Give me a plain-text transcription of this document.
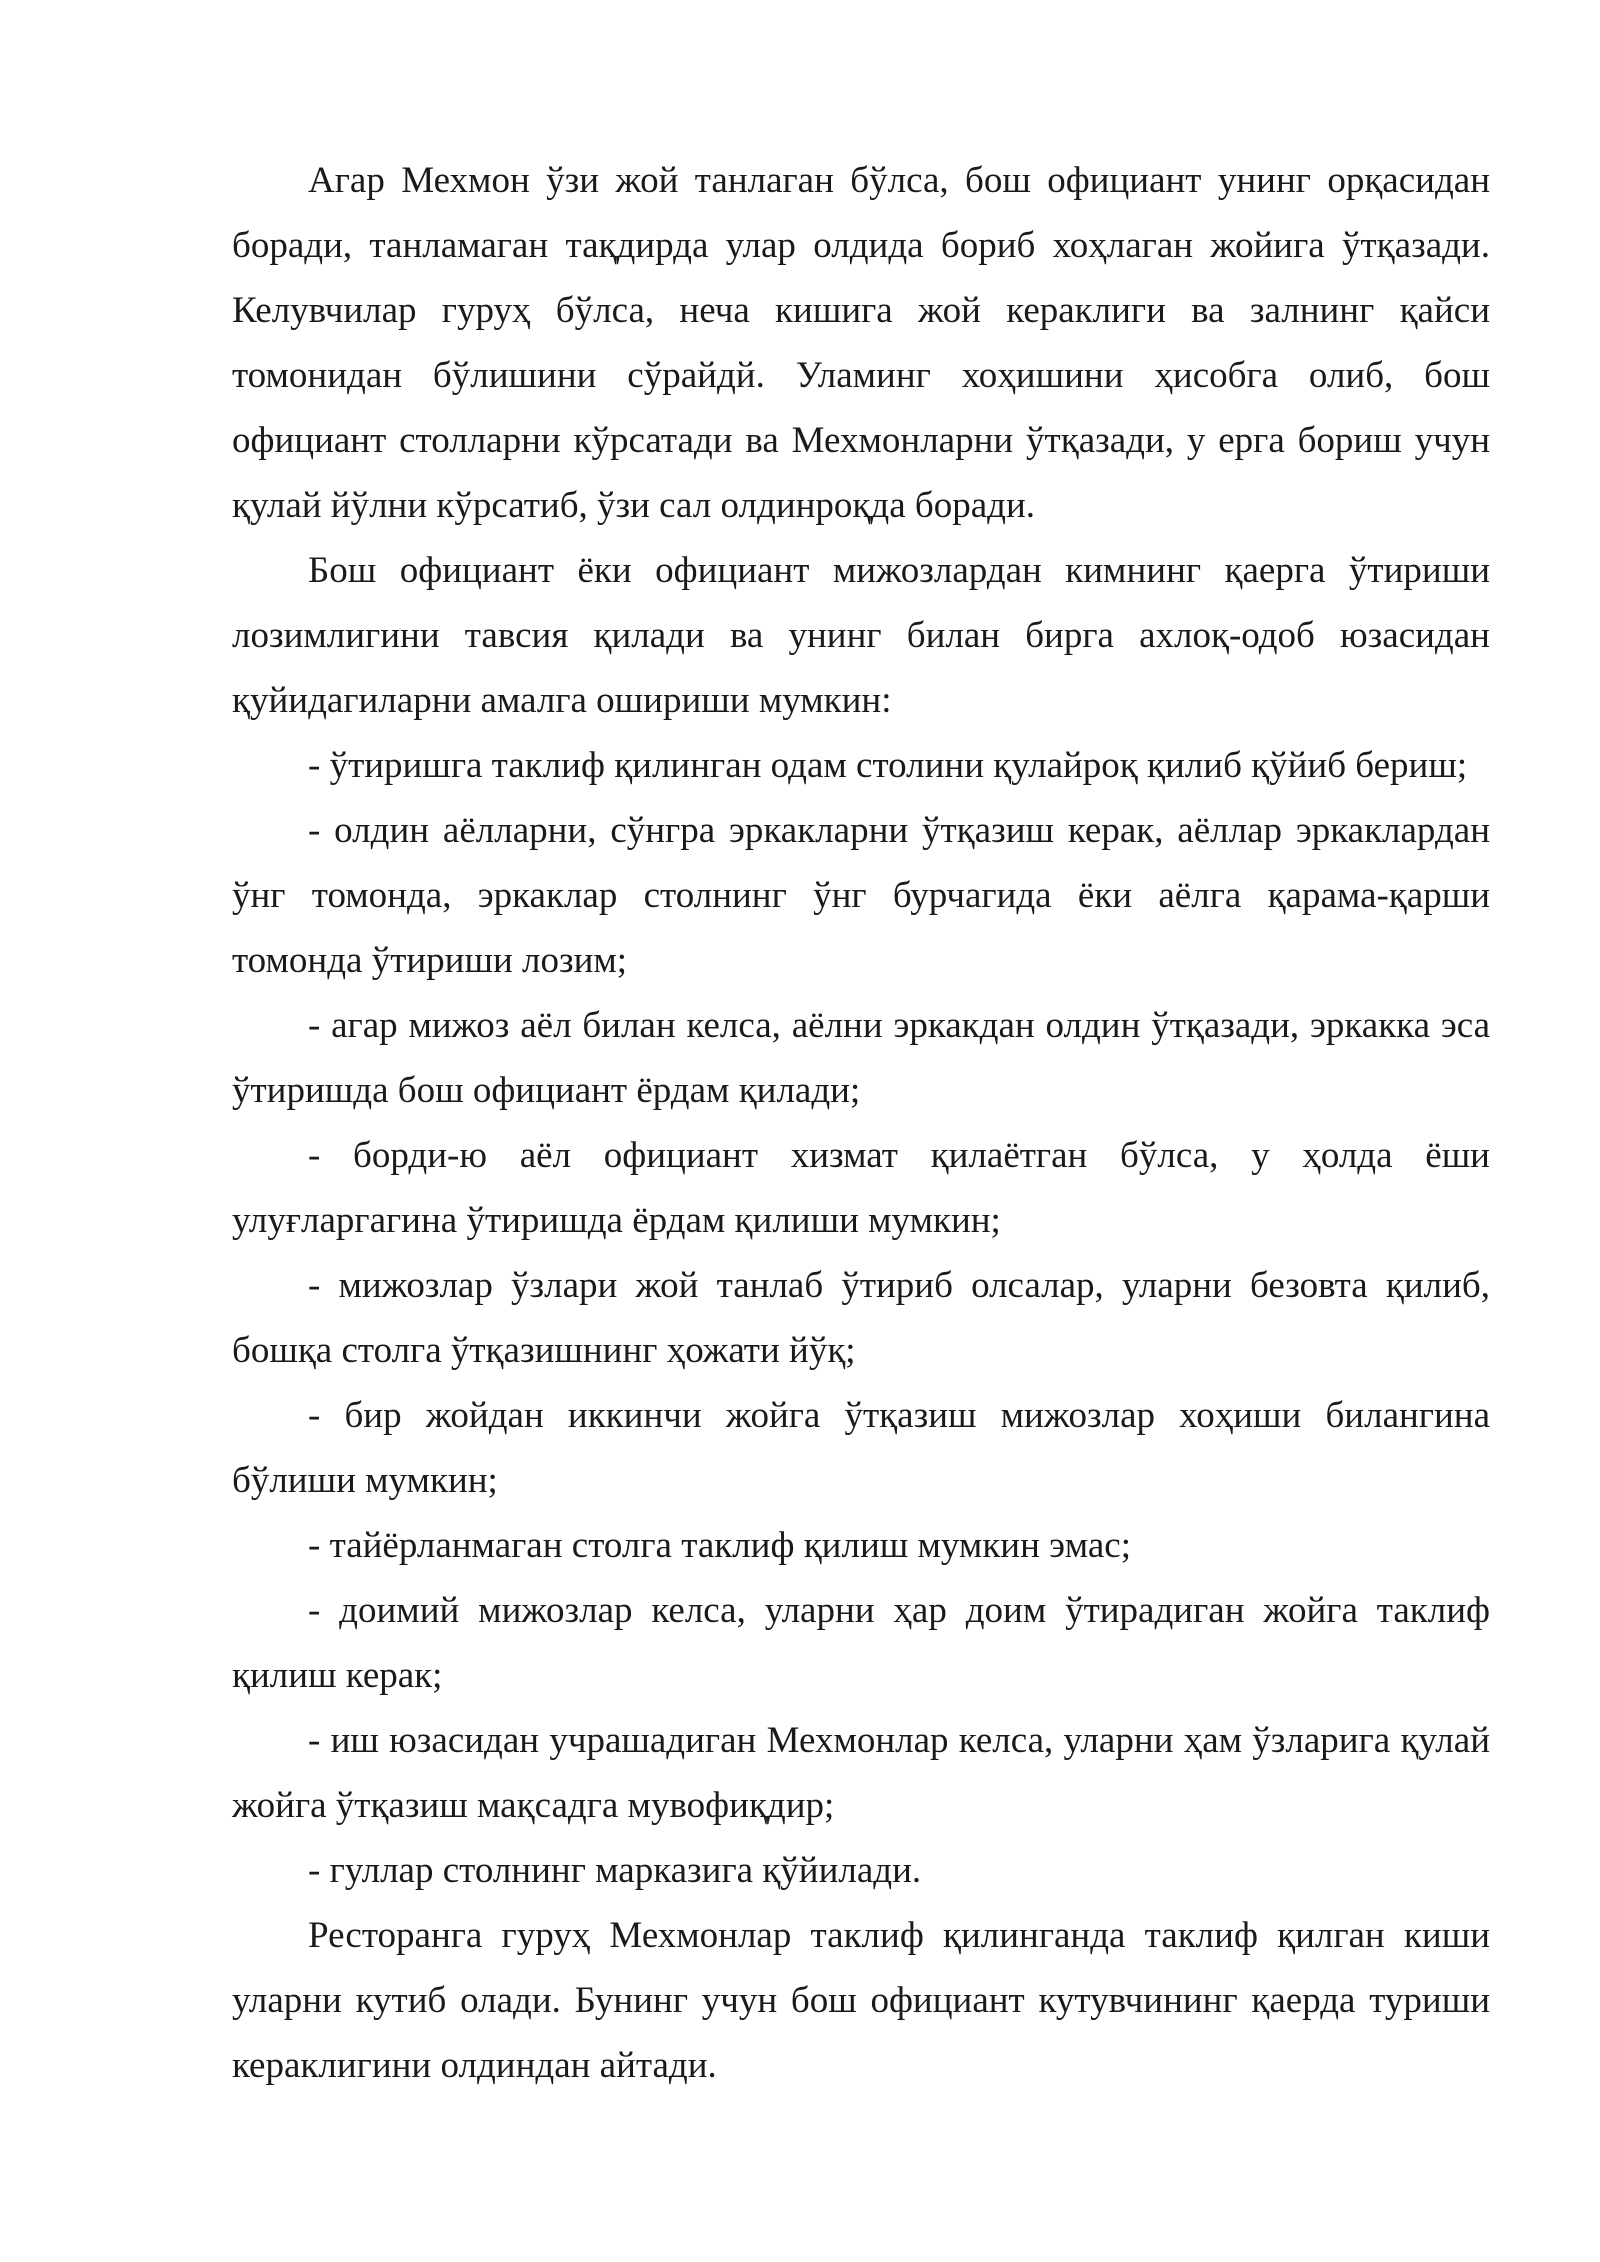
Агар Мехмон ўзи жой танлаган бўлса, бош официант унинг орқасидан боради, танламаган тақдирда улар олдида бориб хоҳлаган жойига ўтқазади. Келувчилар гуруҳ бўлса, неча кишига жой кераклиги ва залнинг қайси томонидан бўлишини сўрайдй. Уламинг хоҳишини ҳисобга олиб, бош официант столларни кўрсатади ва Мехмонларни ўтқазади, у ерга бориш учун қулай йўлни кўрсатиб, ўзи сал олдинроқда боради.

Бош официант ёки официант мижозлардан кимнинг қаерга ўтириши лозимлигини тавсия қилади ва унинг билан бирга ахлоқ-одоб юзасидан қуйидагиларни амалга ошириши мумкин:

- ўтиришга таклиф қилинган одам столини қулайроқ қилиб қўйиб бериш;

- олдин аёлларни, сўнгра эркакларни ўтқазиш керак, аёллар эркаклардан ўнг томонда, эркаклар столнинг ўнг бурчагида ёки аёлга қарама-қарши томонда ўтириши лозим;

- агар мижоз аёл билан келса, аёлни эркакдан олдин ўтқазади, эркакка эса ўтиришда бош официант ёрдам қилади;

- борди-ю аёл официант хизмат қилаётган бўлса, у ҳолда ёши улуғларгагина ўтиришда ёрдам қилиши мумкин;

- мижозлар ўзлари жой танлаб ўтириб олсалар, уларни безовта қилиб, бошқа столга ўтқазишнинг ҳожати йўқ;

- бир жойдан иккинчи жойга ўтқазиш мижозлар хоҳиши билангина бўлиши мумкин;

- тайёрланмаган столга таклиф қилиш мумкин эмас;

- доимий мижозлар келса, уларни ҳар доим ўтирадиган жойга таклиф қилиш керак;

- иш юзасидан учрашадиган Мехмонлар келса, уларни ҳам ўзларига қулай жойга ўтқазиш мақсадга мувофиқдир;

- гуллар столнинг марказига қўйилади.

Ресторанга гуруҳ Мехмонлар таклиф қилинганда таклиф қилган киши уларни кутиб олади. Бунинг учун бош официант кутувчининг қаерда туриши кераклигини олдиндан айтади.
